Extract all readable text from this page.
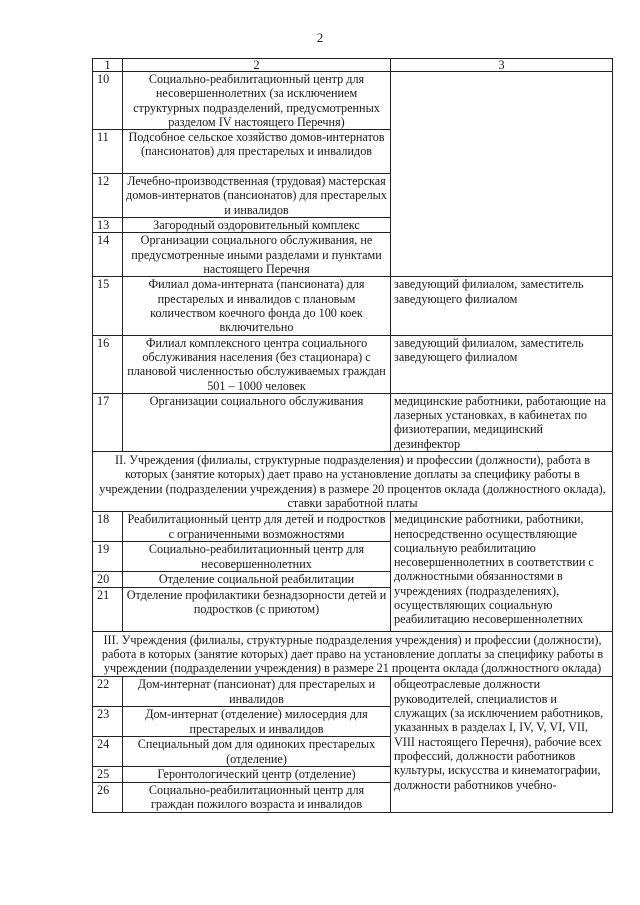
2
1	2	3
10	Социально-реабилитационный центр для несовершеннолетних (за исключением структурных подразделений, предусмотренных разделом IV настоящего Перечня)	
11	Подсобное сельское хозяйство домов-интернатов (пансионатов) для престарелых и инвалидов	
12	Лечебно-производственная (трудовая) мастерская домов-интернатов (пансионатов) для престарелых и инвалидов	
13	Загородный оздоровительный комплекс	
14	Организации социального обслуживания, не предусмотренные иными разделами и пунктами настоящего Перечня	
15	Филиал дома-интерната (пансионата) для престарелых и инвалидов с плановым количеством коечного фонда до 100 коек включительно	заведующий филиалом, заместитель заведующего филиалом
16	Филиал комплексного центра социального обслуживания населения (без стационара) с плановой численностью обслуживаемых граждан 501 – 1000 человек	заведующий филиалом, заместитель заведующего филиалом
17	Организации социального обслуживания	медицинские работники, работающие на лазерных установках, в кабинетах по физиотерапии, медицинский дезинфектор
II. Учреждения (филиалы, структурные подразделения) и профессии (должности), работа в которых (занятие которых) дает право на установление доплаты за специфику работы в учреждении (подразделении учреждения) в размере 20 процентов оклада (должностного оклада), ставки заработной платы		
18	Реабилитационный центр для детей и подростков с ограниченными возможностями	медицинские работники, работники, непосредственно осуществляющие социальную реабилитацию несовершеннолетних в соответствии с должностными обязанностями в учреждениях (подразделениях), осуществляющих социальную реабилитацию несовершеннолетних
19	Социально-реабилитационный центр для несовершеннолетних	
20	Отделение социальной реабилитации	
21	Отделение профилактики безнадзорности детей и подростков (с приютом)	
III. Учреждения (филиалы, структурные подразделения учреждения) и профессии (должности), работа в которых (занятие которых) дает право на установление доплаты за специфику работы в учреждении (подразделении учреждения) в размере 21 процента оклада (должностного оклада)		
22	Дом-интернат (пансионат) для престарелых и инвалидов	общеотраслевые должности руководителей, специалистов и служащих (за исключением работников, указанных в разделах I, IV, V, VI, VII, VIII настоящего Перечня), рабочие всех профессий, должности работников культуры, искусства и кинематографии, должности работников учебно-
23	Дом-интернат (отделение) милосердия для престарелых и инвалидов	
24	Специальный дом для одиноких престарелых (отделение)	
25	Геронтологический центр (отделение)	
26	Социально-реабилитационный центр для граждан пожилого возраста и инвалидов	
